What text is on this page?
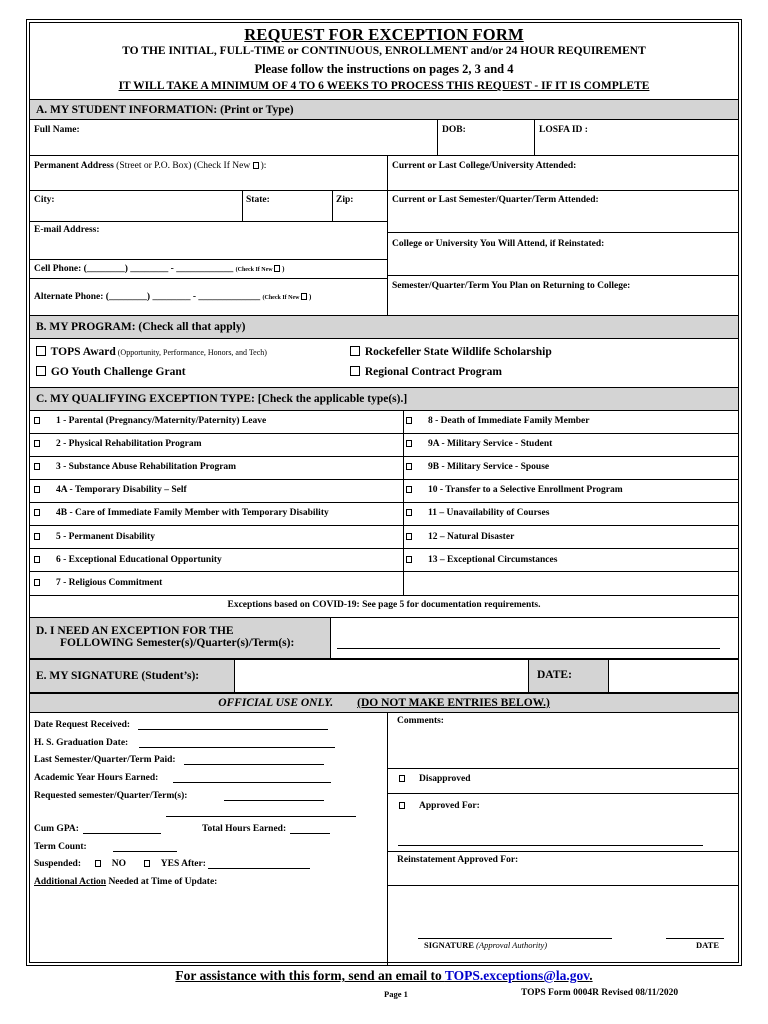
REQUEST FOR EXCEPTION FORM
TO THE INITIAL, FULL-TIME or CONTINUOUS, ENROLLMENT and/or 24 HOUR REQUIREMENT
Please follow the instructions on pages 2, 3 and 4
IT WILL TAKE A MINIMUM OF 4 TO 6 WEEKS TO PROCESS THIS REQUEST - IF IT IS COMPLETE
A. MY STUDENT INFORMATION: (Print or Type)
Full Name:	DOB:	LOSFA ID :
Permanent Address (Street or P.O. Box) (Check If New ):	Current or Last College/University Attended:
City:	State:	Zip:	Current or Last Semester/Quarter/Term Attended:
E-mail Address:
College or University You Will Attend, if Reinstated:
Cell Phone: (________) ________ - ____________ (Check If New )
Semester/Quarter/Term You Plan on Returning to College:
Alternate Phone: (________) ________ - _____________ (Check If New )
B. MY PROGRAM: (Check all that apply)
TOPS Award (Opportunity, Performance, Honors, and Tech)	Rockefeller State Wildlife Scholarship
GO Youth Challenge Grant	Regional Contract Program
C. MY QUALIFYING EXCEPTION TYPE: [Check the applicable type(s).]
1 - Parental (Pregnancy/Maternity/Paternity) Leave
2 - Physical Rehabilitation Program
3 - Substance Abuse Rehabilitation Program
4A - Temporary Disability – Self
4B - Care of Immediate Family Member with Temporary Disability
5 - Permanent Disability
6 - Exceptional Educational Opportunity
7 - Religious Commitment
8 - Death of Immediate Family Member
9A - Military Service - Student
9B - Military Service - Spouse
10 - Transfer to a Selective Enrollment Program
11 – Unavailability of Courses
12 – Natural Disaster
13 – Exceptional Circumstances
Exceptions based on COVID-19: See page 5 for documentation requirements.
D. I NEED AN EXCEPTION FOR THE
FOLLOWING Semester(s)/Quarter(s)/Term(s):
E. MY SIGNATURE (Student’s):	DATE:
OFFICIAL USE ONLY. (DO NOT MAKE ENTRIES BELOW.)
Date Request Received:
H. S. Graduation Date:
Last Semester/Quarter/Term Paid:
Academic Year Hours Earned:
Requested semester/Quarter/Term(s):
Cum GPA:	Total Hours Earned:
Term Count:
Suspended:	NO	YES After:
Additional Action Needed at Time of Update:
Comments:
Disapproved
Approved For:
Reinstatement Approved For:
SIGNATURE (Approval Authority)	DATE
For assistance with this form, send an email to TOPS.exceptions@la.gov.
Page 1	TOPS Form 0004R Revised 08/11/2020
